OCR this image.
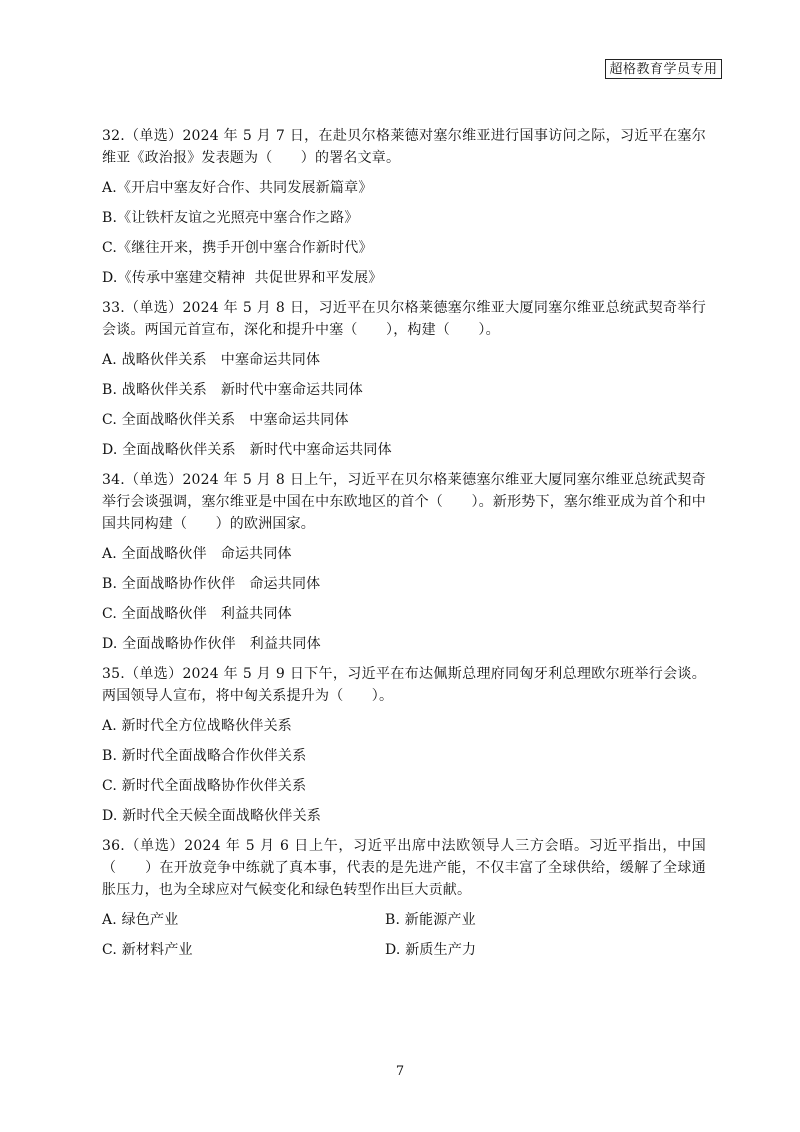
超格教育学员专用

32.（单选）2024 年 5 月 7 日，在赴贝尔格莱德对塞尔维亚进行国事访问之际，习近平在塞尔维亚《政治报》发表题为（　　）的署名文章。

A.《开启中塞友好合作、共同发展新篇章》

B.《让铁杆友谊之光照亮中塞合作之路》

C.《继往开来，携手开创中塞合作新时代》

D.《传承中塞建交精神  共促世界和平发展》

33.（单选）2024 年 5 月 8 日，习近平在贝尔格莱德塞尔维亚大厦同塞尔维亚总统武契奇举行会谈。两国元首宣布，深化和提升中塞（　　），构建（　　）。

A. 战略伙伴关系   中塞命运共同体

B. 战略伙伴关系   新时代中塞命运共同体

C. 全面战略伙伴关系   中塞命运共同体

D. 全面战略伙伴关系   新时代中塞命运共同体

34.（单选）2024 年 5 月 8 日上午，习近平在贝尔格莱德塞尔维亚大厦同塞尔维亚总统武契奇举行会谈强调，塞尔维亚是中国在中东欧地区的首个（　　）。新形势下，塞尔维亚成为首个和中国共同构建（　　）的欧洲国家。

A. 全面战略伙伴   命运共同体

B. 全面战略协作伙伴   命运共同体

C. 全面战略伙伴   利益共同体

D. 全面战略协作伙伴   利益共同体

35.（单选）2024 年 5 月 9 日下午，习近平在布达佩斯总理府同匈牙利总理欧尔班举行会谈。两国领导人宣布，将中匈关系提升为（　　）。

A. 新时代全方位战略伙伴关系

B. 新时代全面战略合作伙伴关系

C. 新时代全面战略协作伙伴关系

D. 新时代全天候全面战略伙伴关系

36.（单选）2024 年 5 月 6 日上午，习近平出席中法欧领导人三方会晤。习近平指出，中国（　　）在开放竞争中练就了真本事，代表的是先进产能，不仅丰富了全球供给，缓解了全球通胀压力，也为全球应对气候变化和绿色转型作出巨大贡献。

A. 绿色产业	B. 新能源产业

C. 新材料产业	D. 新质生产力

7
